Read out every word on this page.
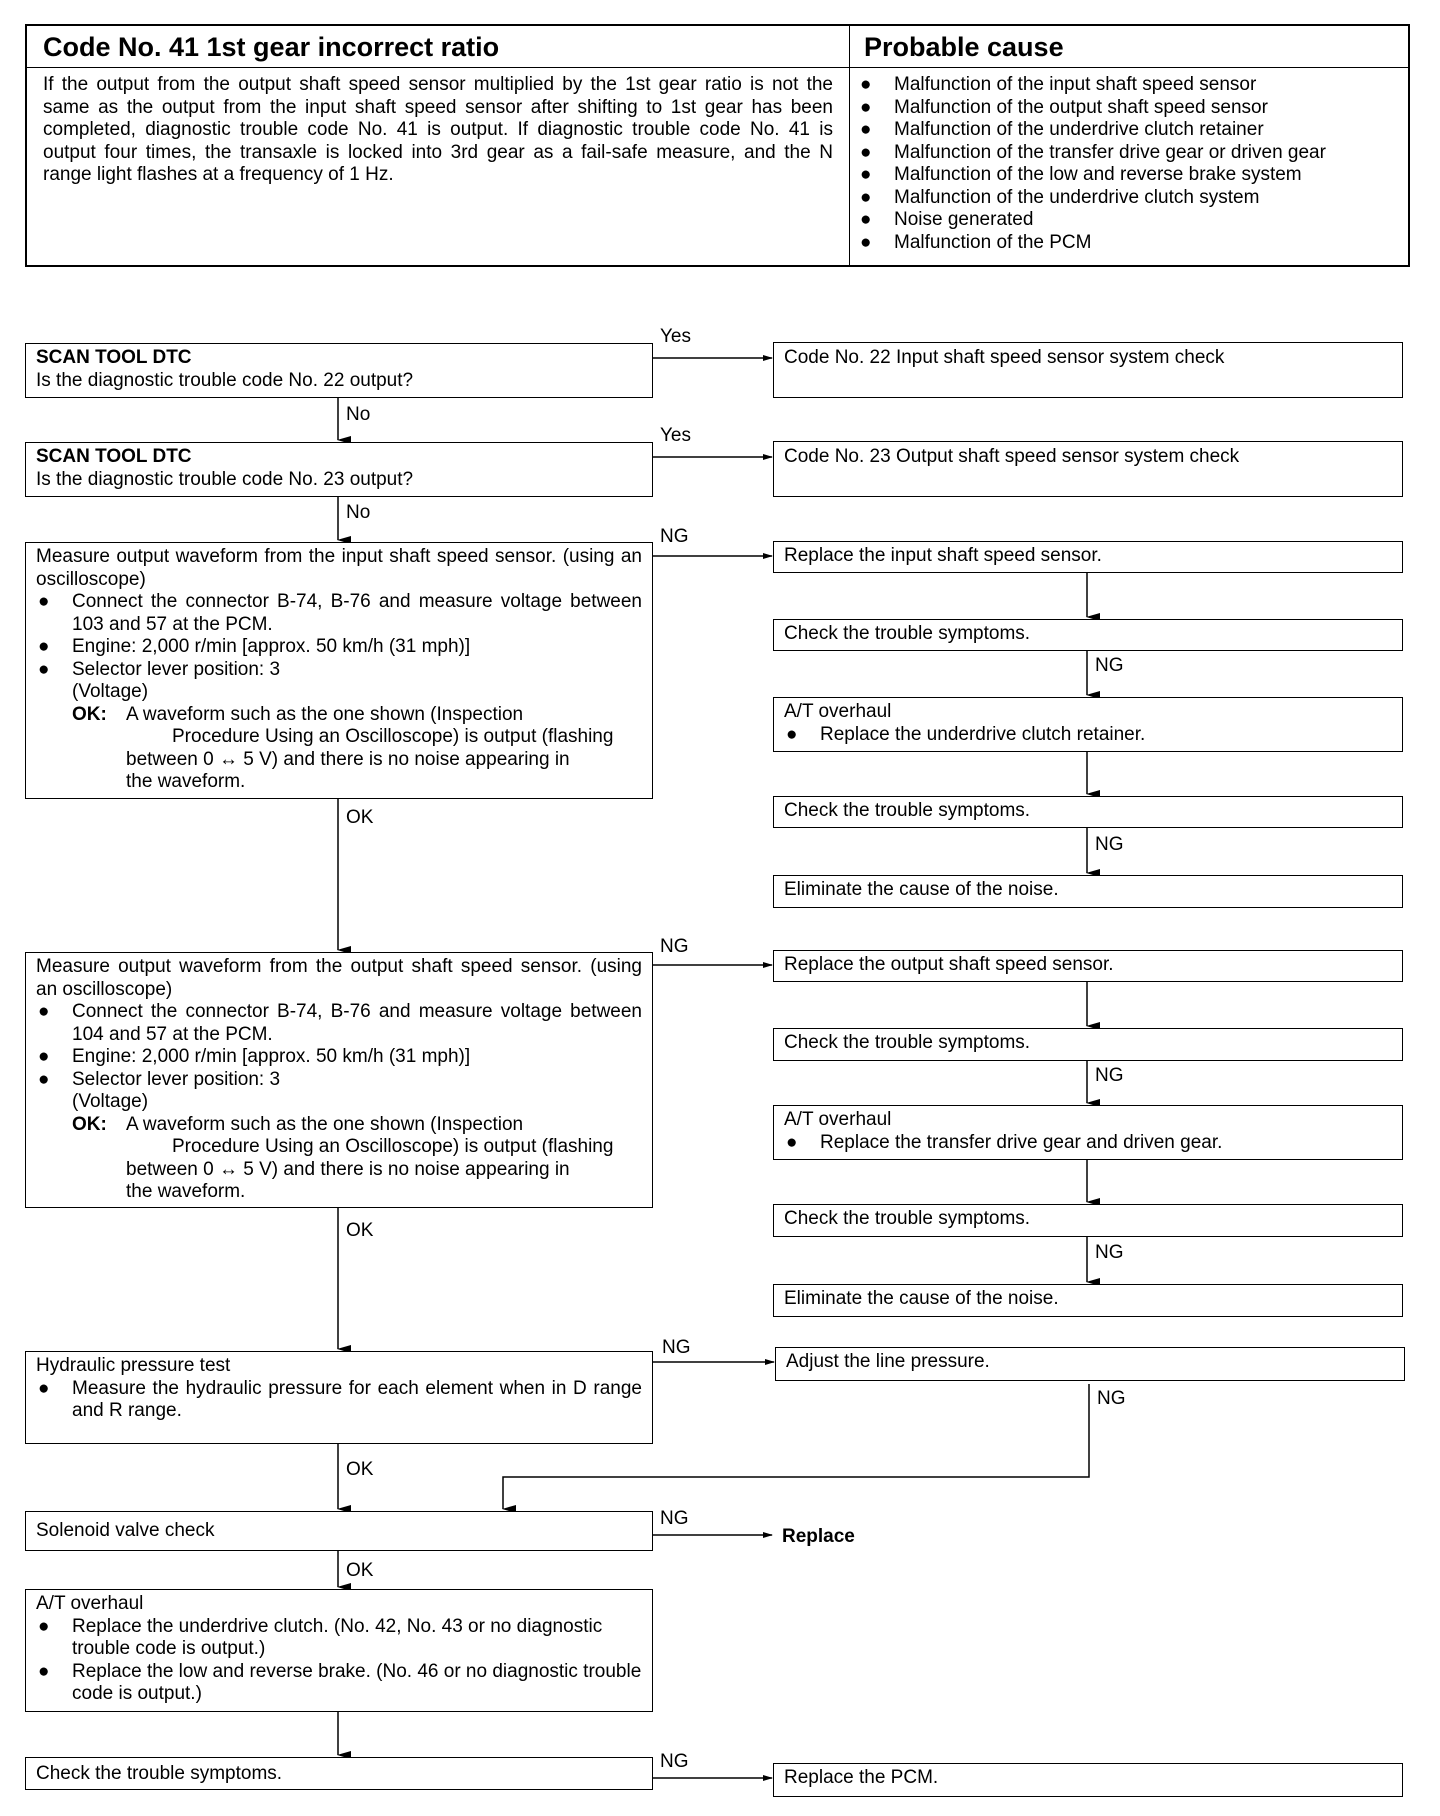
Code No. 41 1st gear incorrect ratio	Probable cause
If the output from the output shaft speed sensor multiplied by the 1st gear ratio is not the same as the output from the input shaft speed sensor after shifting to 1st gear has been completed, diagnostic trouble code No. 41 is output. If diagnostic trouble code No. 41 is output four times, the transaxle is locked into 3rd gear as a fail-safe measure, and the N range light flashes at a frequency of 1 Hz.
● Malfunction of the input shaft speed sensor
● Malfunction of the output shaft speed sensor
● Malfunction of the underdrive clutch retainer
● Malfunction of the transfer drive gear or driven gear
● Malfunction of the low and reverse brake system
● Malfunction of the underdrive clutch system
● Noise generated
● Malfunction of the PCM
SCAN TOOL DTC
Is the diagnostic trouble code No. 22 output?
Yes
No
SCAN TOOL DTC
Is the diagnostic trouble code No. 23 output?
Yes
No
Measure output waveform from the input shaft speed sensor. (using an oscilloscope)
● Connect the connector B-74, B-76 and measure voltage between 103 and 57 at the PCM.
● Engine: 2,000 r/min [approx. 50 km/h (31 mph)]
● Selector lever position: 3
(Voltage)
OK: A waveform such as the one shown (Inspection
Procedure Using an Oscilloscope) is output (flashing
between 0 ↔ 5 V) and there is no noise appearing in
the waveform.
NG
OK
Measure output waveform from the output shaft speed sensor. (using an oscilloscope)
● Connect the connector B-74, B-76 and measure voltage between 104 and 57 at the PCM.
● Engine: 2,000 r/min [approx. 50 km/h (31 mph)]
● Selector lever position: 3
(Voltage)
OK: A waveform such as the one shown (Inspection
Procedure Using an Oscilloscope) is output (flashing
between 0 ↔ 5 V) and there is no noise appearing in
the waveform.
NG
OK
Hydraulic pressure test
● Measure the hydraulic pressure for each element when in D range and R range.
NG
OK
Solenoid valve check
NG
Replace
OK
A/T overhaul
● Replace the underdrive clutch. (No. 42, No. 43 or no diagnostic trouble code is output.)
● Replace the low and reverse brake. (No. 46 or no diagnostic trouble code is output.)
Check the trouble symptoms.
NG
Code No. 22 Input shaft speed sensor system check
Code No. 23 Output shaft speed sensor system check
Replace the input shaft speed sensor.
Check the trouble symptoms.
NG
A/T overhaul
● Replace the underdrive clutch retainer.
Check the trouble symptoms.
NG
Eliminate the cause of the noise.
Replace the output shaft speed sensor.
Check the trouble symptoms.
NG
A/T overhaul
● Replace the transfer drive gear and driven gear.
Check the trouble symptoms.
NG
Eliminate the cause of the noise.
Adjust the line pressure.
NG
Replace the PCM.
